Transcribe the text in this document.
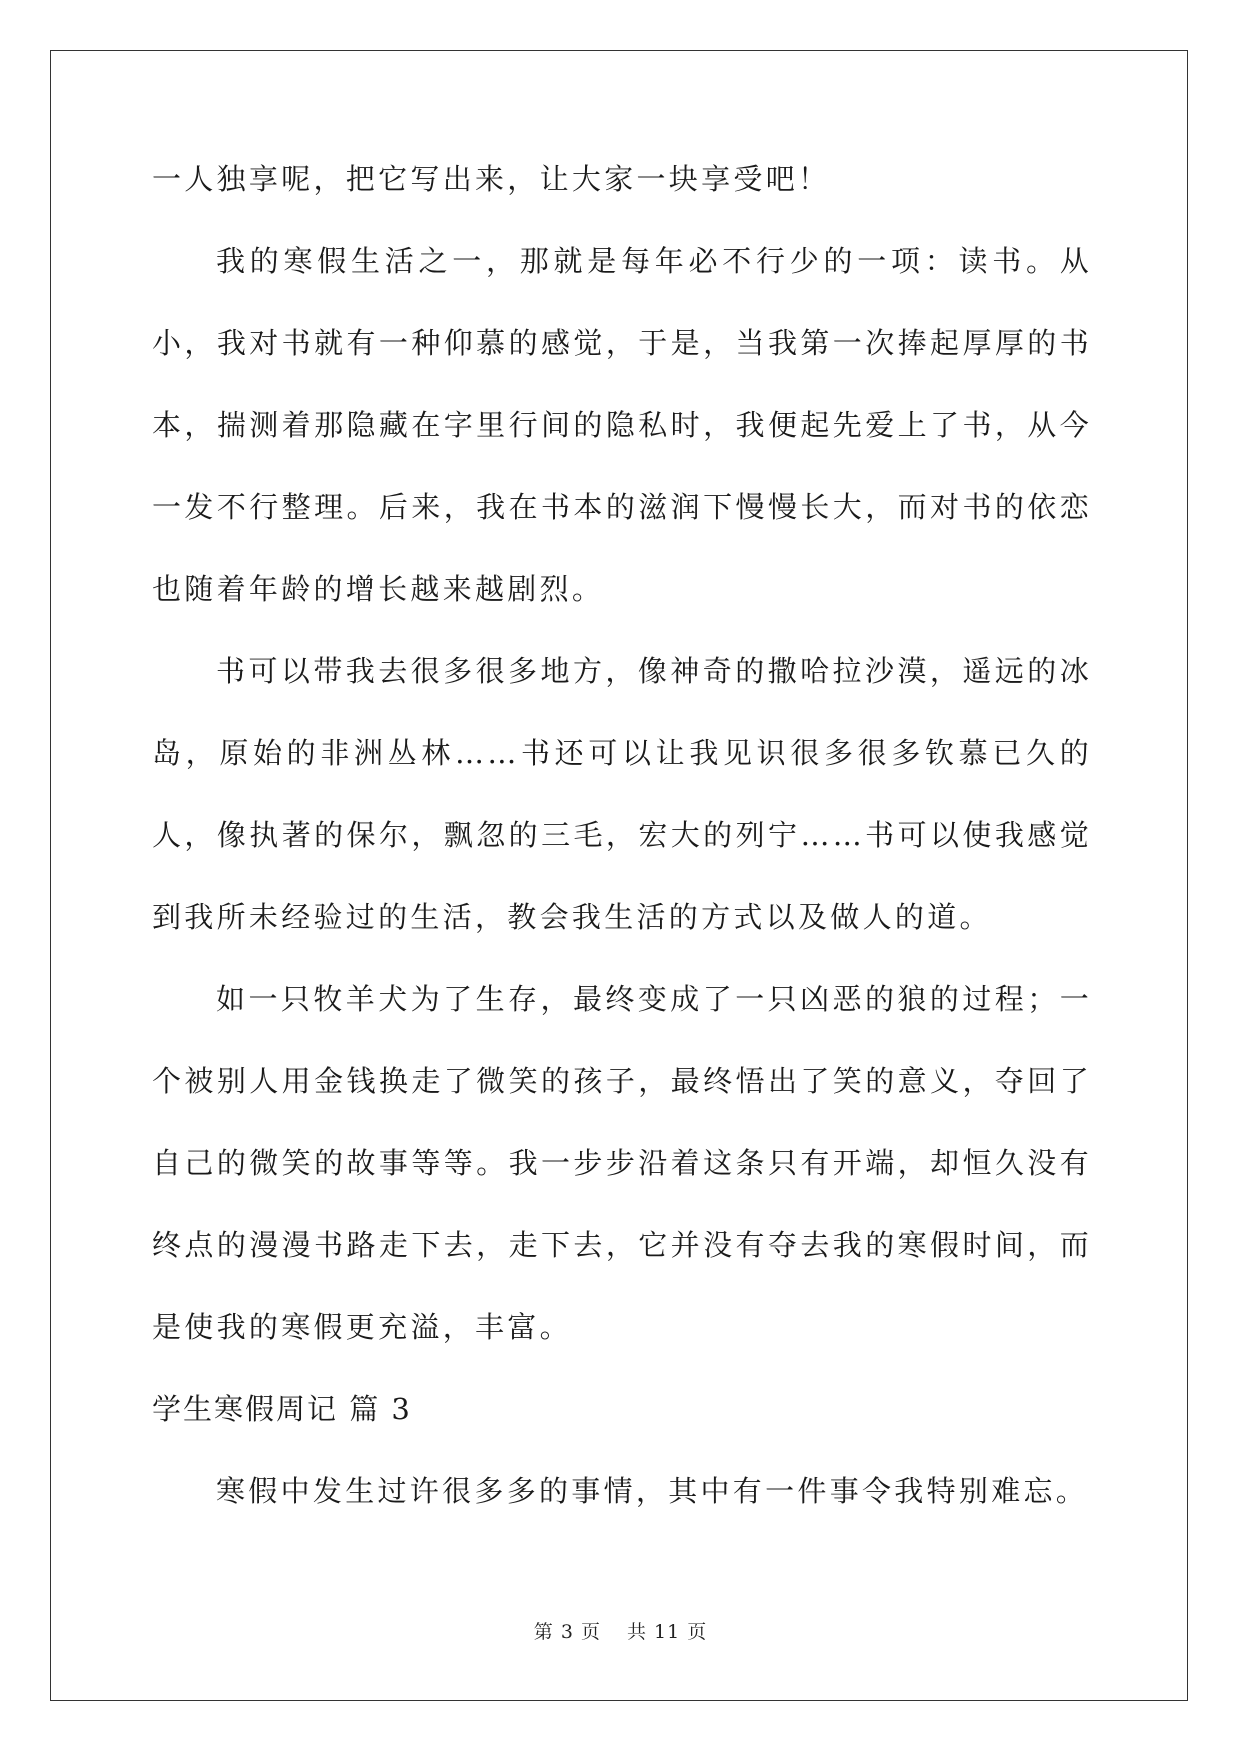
一人独享呢，把它写出来，让大家一块享受吧！

我的寒假生活之一，那就是每年必不行少的一项：读书。从小，我对书就有一种仰慕的感觉，于是，当我第一次捧起厚厚的书本，揣测着那隐藏在字里行间的隐私时，我便起先爱上了书，从今一发不行整理。后来，我在书本的滋润下慢慢长大，而对书的依恋也随着年龄的增长越来越剧烈。

书可以带我去很多很多地方，像神奇的撒哈拉沙漠，遥远的冰岛，原始的非洲丛林……书还可以让我见识很多很多钦慕已久的人，像执著的保尔，飘忽的三毛，宏大的列宁……书可以使我感觉到我所未经验过的生活，教会我生活的方式以及做人的道。

如一只牧羊犬为了生存，最终变成了一只凶恶的狼的过程；一个被别人用金钱换走了微笑的孩子，最终悟出了笑的意义，夺回了自己的微笑的故事等等。我一步步沿着这条只有开端，却恒久没有终点的漫漫书路走下去，走下去，它并没有夺去我的寒假时间，而是使我的寒假更充溢，丰富。

学生寒假周记 篇 3

寒假中发生过许很多多的事情，其中有一件事令我特别难忘。

第 3 页 共 11 页
